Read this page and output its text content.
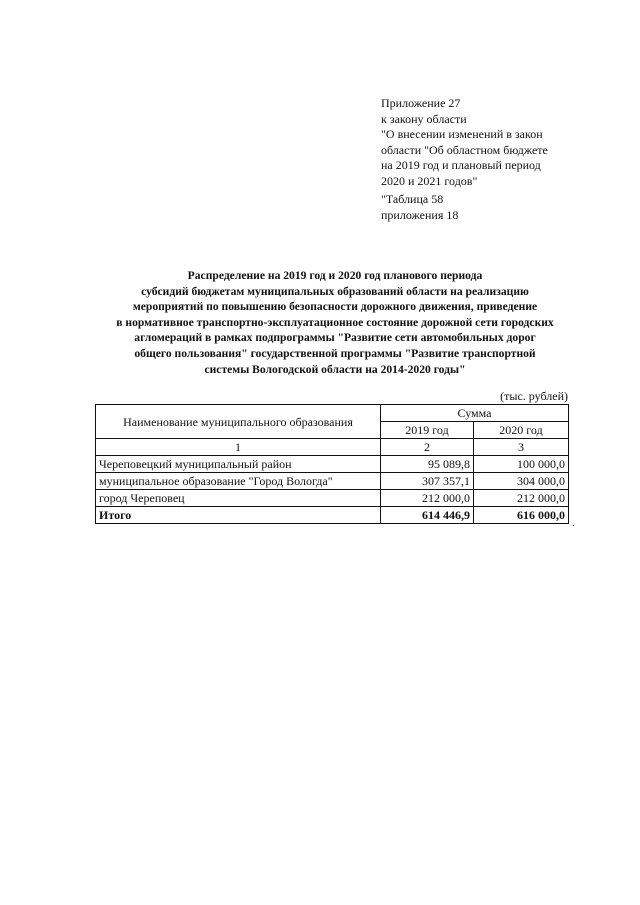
Приложение 27
к закону области
"О внесении изменений в закон
области "Об областном бюджете
на 2019 год и плановый период
2020 и 2021 годов"
"Таблица 58
приложения 18
Распределение на 2019 год и 2020 год планового периода
субсидий бюджетам муниципальных образований области на реализацию
мероприятий по повышению безопасности дорожного движения, приведение
в нормативное транспортно-эксплуатационное состояние дорожной сети городских
агломераций в рамках подпрограммы "Развитие сети автомобильных дорог
общего пользования" государственной программы "Развитие транспортной
системы Вологодской области на 2014-2020 годы"
(тыс. рублей)
Наименование муниципального образования	Сумма	
	2019 год	2020 год
1	2	3
Череповецкий муниципальный район	95 089,8	100 000,0
муниципальное образование "Город Вологда"	307 357,1	304 000,0
город Череповец	212 000,0	212 000,0
Итого	614 446,9	616 000,0
.
